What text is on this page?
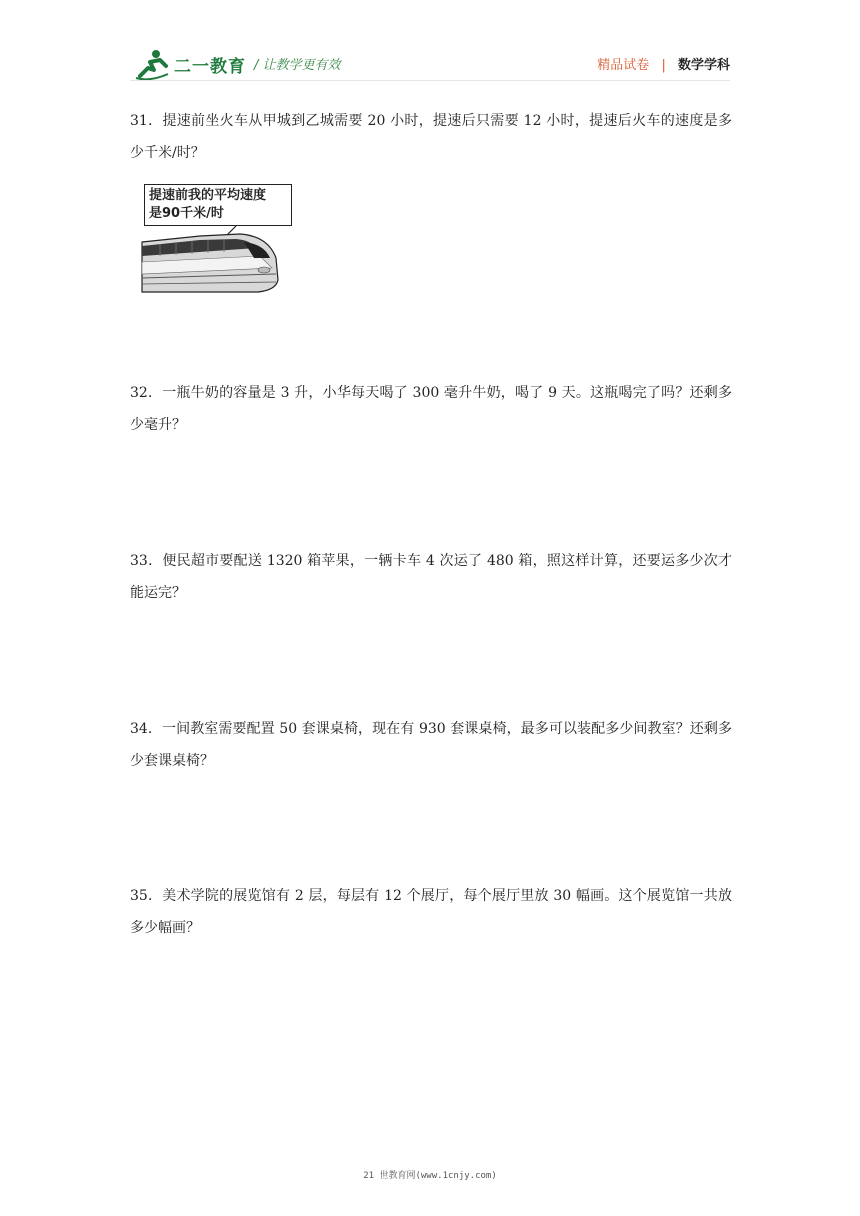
二一教育 / 让教学更有效	精品试卷 | 数学学科
31．提速前坐火车从甲城到乙城需要 20 小时，提速后只需要 12 小时，提速后火车的速度是多少千米/时？
提速前我的平均速度
是90千米/时
32．一瓶牛奶的容量是 3 升，小华每天喝了 300 毫升牛奶，喝了 9 天。这瓶喝完了吗？还剩多少毫升？
33．便民超市要配送 1320 箱苹果，一辆卡车 4 次运了 480 箱，照这样计算，还要运多少次才能运完？
34．一间教室需要配置 50 套课桌椅，现在有 930 套课桌椅，最多可以装配多少间教室？还剩多少套课桌椅？
35．美术学院的展览馆有 2 层，每层有 12 个展厅，每个展厅里放 30 幅画。这个展览馆一共放多少幅画？
21 世教育网(www.1cnjy.com)
